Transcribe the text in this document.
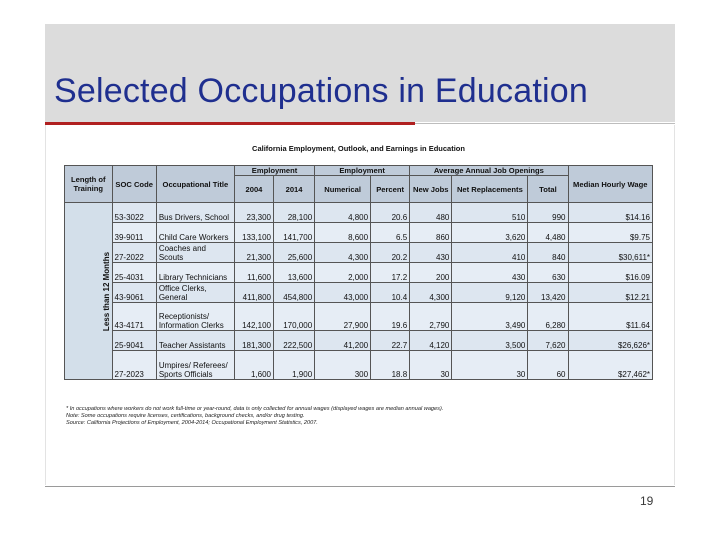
Selected Occupations in Education
California Employment, Outlook, and Earnings in Education
Length of Training	SOC Code	Occupational Title	Employment		Employment		Average Annual Job Openings			Median Hourly Wage
			2004	2014	Numerical	Percent	New Jobs	Net Replacements	Total	
Less than 12 Months	53-3022	Bus Drivers, School	23,300	28,100	4,800	20.6	480	510	990	$14.16
	39-9011	Child Care Workers	133,100	141,700	8,600	6.5	860	3,620	4,480	$9.75
	27-2022	Coaches and Scouts	21,300	25,600	4,300	20.2	430	410	840	$30,611*
	25-4031	Library Technicians	11,600	13,600	2,000	17.2	200	430	630	$16.09
	43-9061	Office Clerks, General	411,800	454,800	43,000	10.4	4,300	9,120	13,420	$12.21
	43-4171	Receptionists/ Information Clerks	142,100	170,000	27,900	19.6	2,790	3,490	6,280	$11.64
	25-9041	Teacher Assistants	181,300	222,500	41,200	22.7	4,120	3,500	7,620	$26,626*
	27-2023	Umpires/ Referees/ Sports Officials	1,600	1,900	300	18.8	30	30	60	$27,462*
* In occupations where workers do not work full-time or year-round, data is only collected for annual wages (displayed wages are median annual wages).
Note: Some occupations require licenses, certifications, background checks, and/or drug testing.
Source: California Projections of Employment, 2004-2014; Occupational Employment Statistics, 2007.
19
